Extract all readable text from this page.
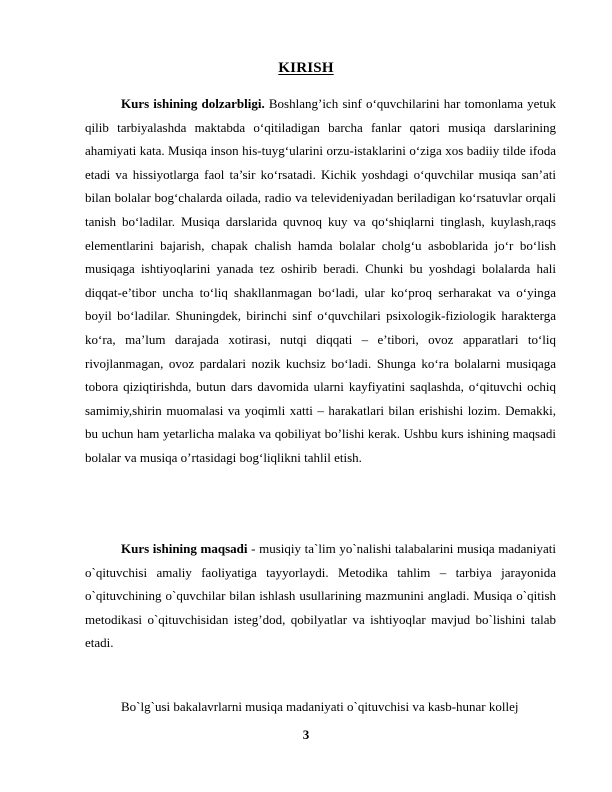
KIRISH

Kurs ishining dolzarbligi. Boshlang’ich sinf o‘quvchilarini har tomonlama yetuk qilib tarbiyalashda maktabda o‘qitiladigan barcha fanlar qatori musiqa darslarining ahamiyati kata. Musiqa inson his-tuyg‘ularini orzu-istaklarini o‘ziga xos badiiy tilde ifoda etadi va hissiyotlarga faol ta’sir ko‘rsatadi. Kichik yoshdagi o‘quvchilar musiqa san’ati bilan bolalar bog‘chalarda oilada, radio va televideniyadan beriladigan ko‘rsatuvlar orqali tanish bo‘ladilar. Musiqa darslarida quvnoq kuy va qo‘shiqlarni tinglash, kuylash,raqs elementlarini bajarish, chapak chalish hamda bolalar cholg‘u asboblarida jo‘r bo‘lish musiqaga ishtiyoqlarini yanada tez oshirib beradi. Chunki bu yoshdagi bolalarda hali diqqat-e’tibor uncha to‘liq shakllanmagan bo‘ladi, ular ko‘proq serharakat va o‘yinga boyil bo‘ladilar. Shuningdek, birinchi sinf o‘quvchilari psixologik-fiziologik harakterga ko‘ra, ma’lum darajada xotirasi, nutqi diqqati – e’tibori, ovoz apparatlari to‘liq rivojlanmagan, ovoz pardalari nozik kuchsiz bo‘ladi. Shunga ko‘ra bolalarni musiqaga tobora qiziqtirishda, butun dars davomida ularni kayfiyatini saqlashda, o‘qituvchi ochiq samimiy,shirin muomalasi va yoqimli xatti – harakatlari bilan erishishi lozim. Demakki, bu uchun ham yetarlicha malaka va qobiliyat bo’lishi kerak. Ushbu kurs ishining maqsadi bolalar va musiqa o’rtasidagi bog‘liqlikni tahlil etish.

Kurs ishining maqsadi - musiqiy ta`lim yo`nalishi talabalarini musiqa madaniyati o`qituvchisi amaliy faoliyatiga tayyorlaydi. Metodika tahlim – tarbiya jarayonida o`qituvchining o`quvchilar bilan ishlash usullarining mazmunini angladi. Musiqa o`qitish metodikasi o`qituvchisidan isteg’dod, qobilyatlar va ishtiyoqlar mavjud bo`lishini talab etadi.

Bo`lg`usi bakalavrlarni musiqa madaniyati o`qituvchisi va kasb-hunar kollej

3
